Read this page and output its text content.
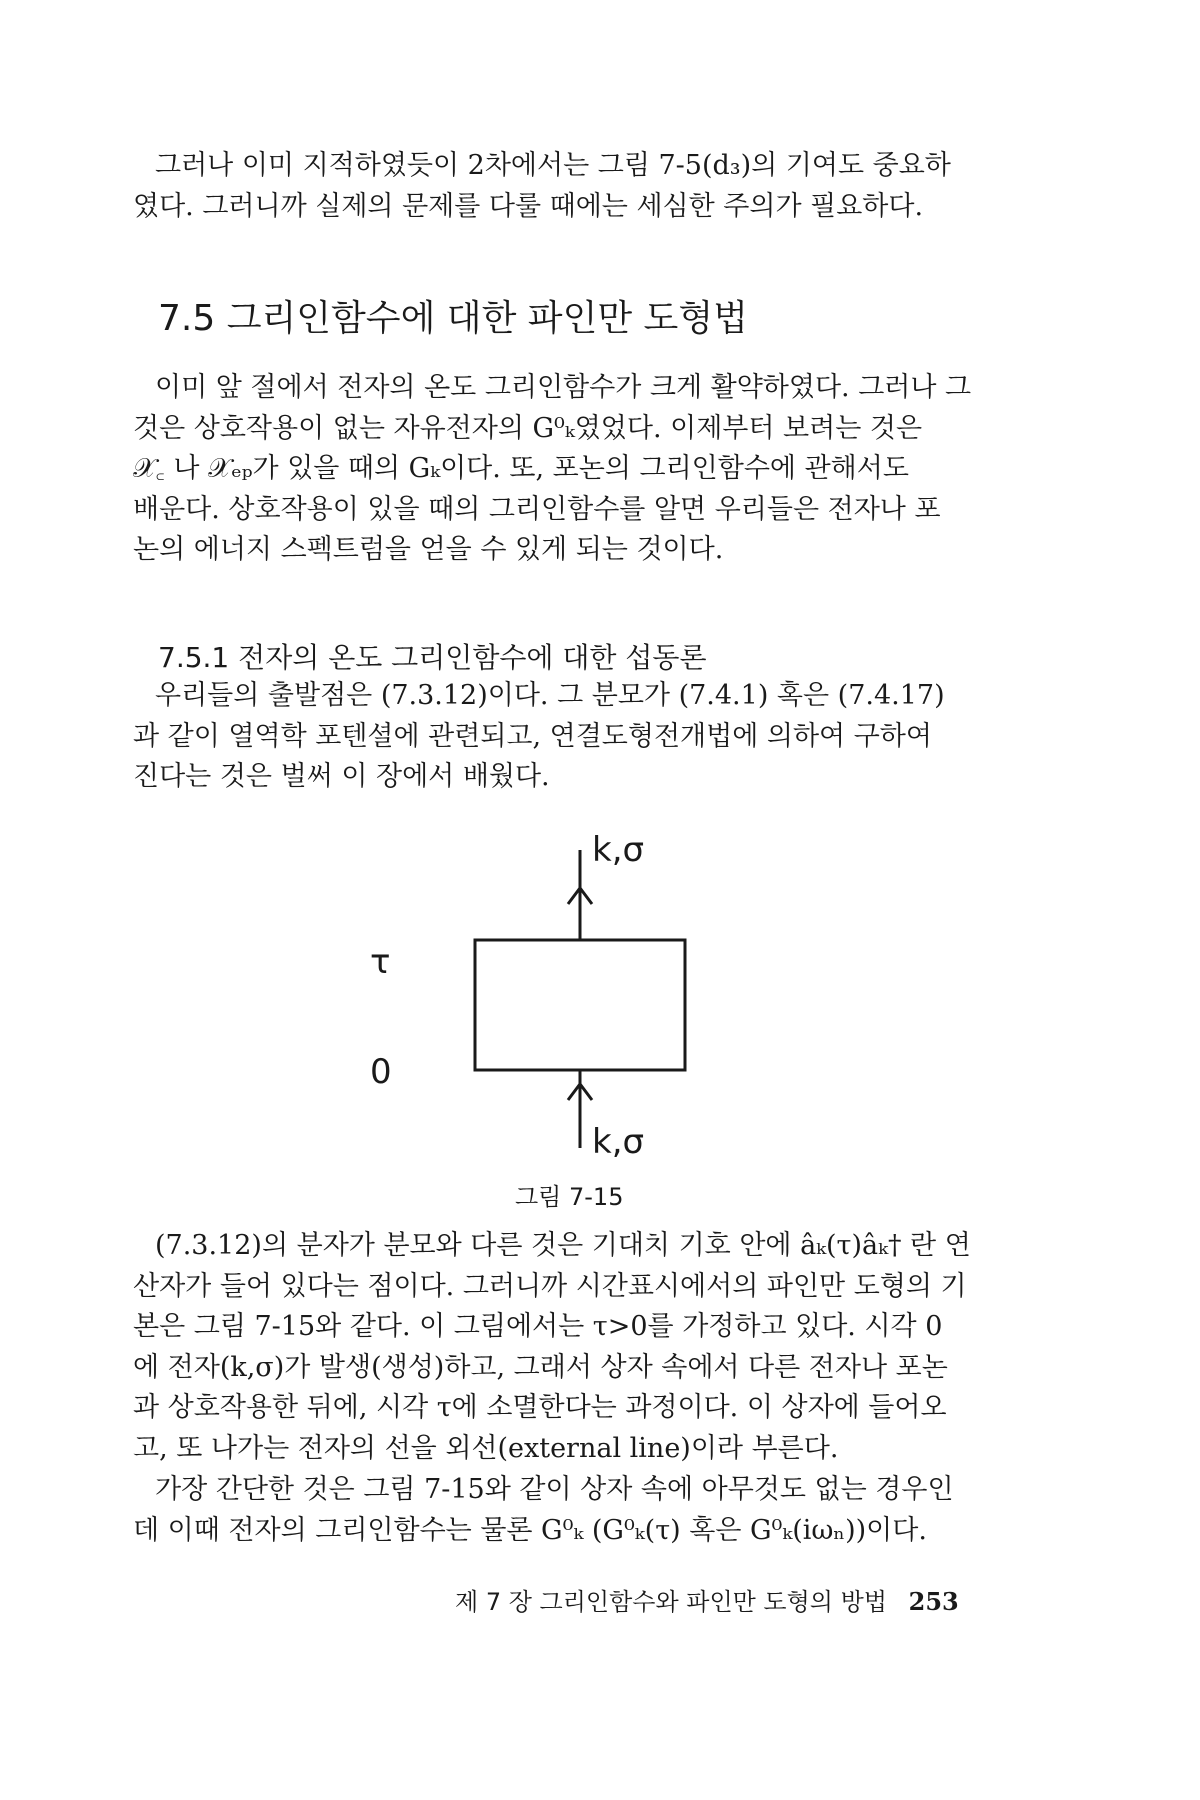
그러나 이미 지적하였듯이 2차에서는 그림 7-5(d₃)의 기여도 중요하
였다. 그러니까 실제의 문제를 다룰 때에는 세심한 주의가 필요하다.

7.5 그리인함수에 대한 파인만 도형법

이미 앞 절에서 전자의 온도 그리인함수가 크게 활약하였다. 그러나 그
것은 상호작용이 없는 자유전자의 G⁰ₖ였었다. 이제부터 보려는 것은
𝒳꜀ 나 𝒳ₑₚ가 있을 때의 Gₖ이다. 또, 포논의 그리인함수에 관해서도
배운다. 상호작용이 있을 때의 그리인함수를 알면 우리들은 전자나 포
논의 에너지 스펙트럼을 얻을 수 있게 되는 것이다.

7.5.1 전자의 온도 그리인함수에 대한 섭동론

우리들의 출발점은 (7.3.12)이다. 그 분모가 (7.4.1) 혹은 (7.4.17)
과 같이 열역학 포텐셜에 관련되고, 연결도형전개법에 의하여 구하여
진다는 것은 벌써 이 장에서 배웠다.

k,σ
k,σ
τ
0
그림 7-15

(7.3.12)의 분자가 분모와 다른 것은 기대치 기호 안에 âₖ(τ)âₖ† 란 연
산자가 들어 있다는 점이다. 그러니까 시간표시에서의 파인만 도형의 기
본은 그림 7-15와 같다. 이 그림에서는 τ>0를 가정하고 있다. 시각 0
에 전자(k,σ)가 발생(생성)하고, 그래서 상자 속에서 다른 전자나 포논
과 상호작용한 뒤에, 시각 τ에 소멸한다는 과정이다. 이 상자에 들어오
고, 또 나가는 전자의 선을 외선(external line)이라 부른다.

가장 간단한 것은 그림 7-15와 같이 상자 속에 아무것도 없는 경우인
데 이때 전자의 그리인함수는 물론 G⁰ₖ (G⁰ₖ(τ) 혹은 G⁰ₖ(iωₙ))이다.

제 7 장 그리인함수와 파인만 도형의 방법 253
